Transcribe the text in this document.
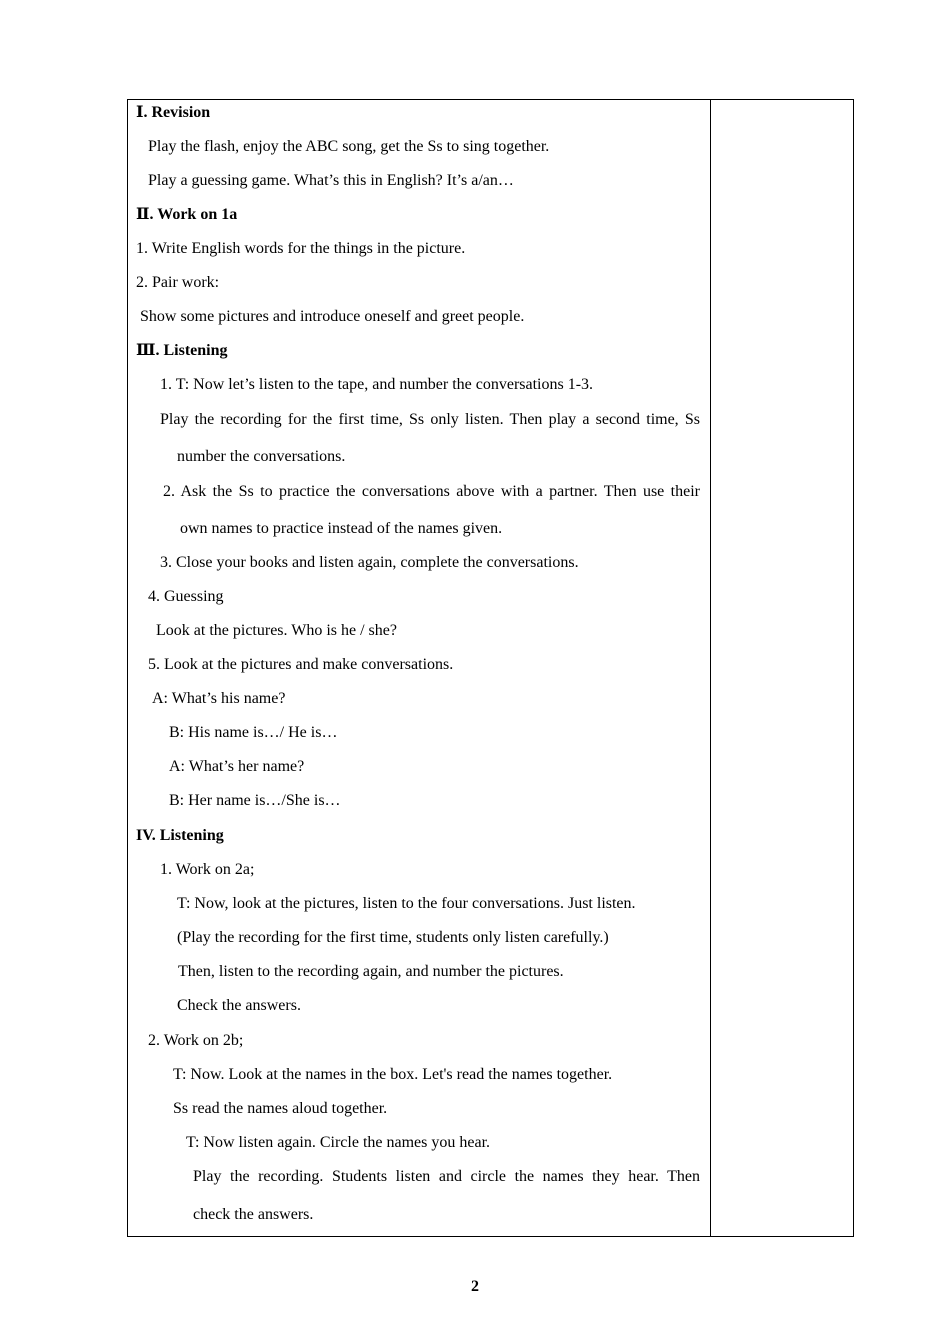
Ⅰ. Revision
Play the flash, enjoy the ABC song, get the Ss to sing together.
Play a guessing game. What’s this in English? It’s a/an…
Ⅱ. Work on 1a
1. Write English words for the things in the picture.
2. Pair work:
Show some pictures and introduce oneself and greet people.
Ⅲ. Listening
1. T: Now let’s listen to the tape, and number the conversations 1-3.
Play the recording for the first time, Ss only listen. Then play a second time, Ss
number the conversations.
2. Ask the Ss to practice the conversations above with a partner. Then use their
own names to practice instead of the names given.
3. Close your books and listen again, complete the conversations.
4. Guessing
Look at the pictures. Who is he / she?
5. Look at the pictures and make conversations.
A: What’s his name?
B: His name is…/ He is…
A: What’s her name?
B: Her name is…/She is…
IV. Listening
1. Work on 2a;
T: Now, look at the pictures, listen to the four conversations. Just listen.
(Play the recording for the first time, students only listen carefully.)
Then, listen to the recording again, and number the pictures.
Check the answers.
2. Work on 2b;
T: Now. Look at the names in the box. Let's read the names together.
Ss read the names aloud together.
T: Now listen again. Circle the names you hear.
Play the recording. Students listen and circle the names they hear. Then
check the answers.
2
